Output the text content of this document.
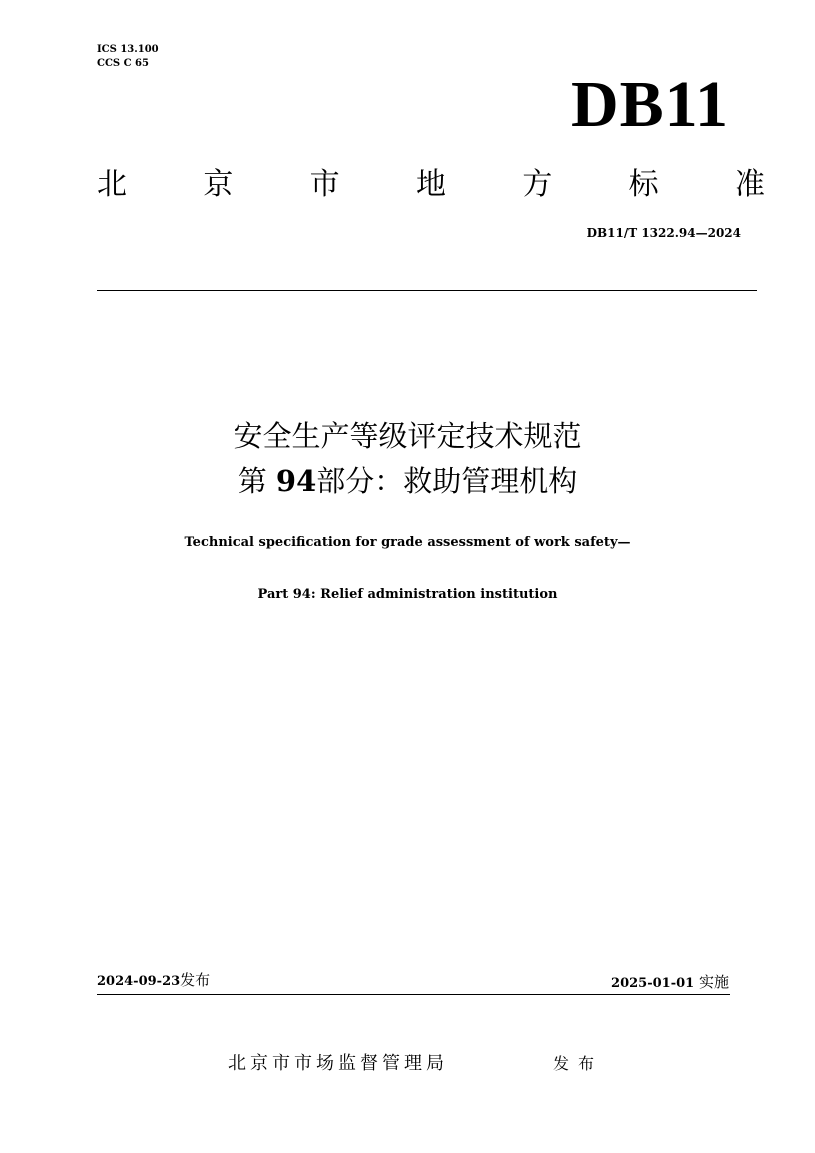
ICS 13.100
CCS C 65
DB11
北	京	市	地	方	标	准
DB11/T 1322.94—2024
安全生产等级评定技术规范
第 94部分：救助管理机构
Technical specification for grade assessment of work safety—
Part 94: Relief administration institution
2024-09-23发布	2025-01-01 实施
北京市市场监督管理局	发布
